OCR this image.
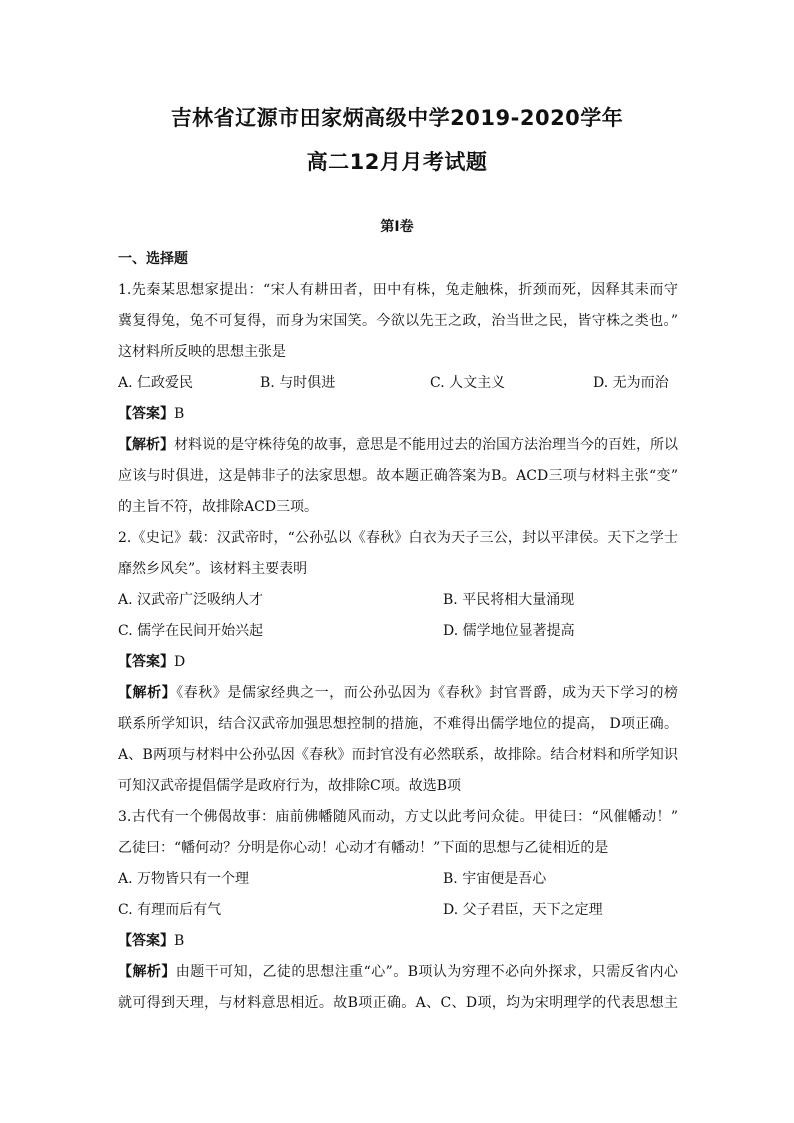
吉林省辽源市田家炳高级中学2019-2020学年
高二12月月考试题
第Ⅰ卷
一、选择题
1.先秦某思想家提出：“宋人有耕田者，田中有株，兔走触株，折颈而死，因释其耒而守
冀复得兔，兔不可复得，而身为宋国笑。今欲以先王之政，治当世之民，皆守株之类也。”
这材料所反映的思想主张是
A. 仁政爱民	B. 与时俱进	C. 人文主义	D. 无为而治
【答案】B
【解析】材料说的是守株待兔的故事，意思是不能用过去的治国方法治理当今的百姓，所以
应该与时俱进，这是韩非子的法家思想。故本题正确答案为B。ACD三项与材料主张“变”
的主旨不符，故排除ACD三项。
2.《史记》载：汉武帝时，“公孙弘以《春秋》白衣为天子三公，封以平津侯。天下之学士
靡然乡风矣”。该材料主要表明
A. 汉武帝广泛吸纳人才	B. 平民将相大量涌现
C. 儒学在民间开始兴起	D. 儒学地位显著提高
【答案】D
【解析】《春秋》是儒家经典之一，而公孙弘因为《春秋》封官晋爵，成为天下学习的榜
联系所学知识，结合汉武帝加强思想控制的措施，不难得出儒学地位的提高， D项正确。
A、B两项与材料中公孙弘因《春秋》而封官没有必然联系，故排除。结合材料和所学知识
可知汉武帝提倡儒学是政府行为，故排除C项。故选B项
3.古代有一个佛偈故事：庙前佛幡随风而动，方丈以此考问众徒。甲徒曰：“风催幡动！”
乙徒曰：“幡何动？分明是你心动！心动才有幡动！”下面的思想与乙徒相近的是
A. 万物皆只有一个理	B. 宇宙便是吾心
C. 有理而后有气	D. 父子君臣，天下之定理
【答案】B
【解析】由题干可知，乙徒的思想注重“心”。B项认为穷理不必向外探求，只需反省内心
就可得到天理，与材料意思相近。故B项正确。A、C、D项，均为宋明理学的代表思想主
